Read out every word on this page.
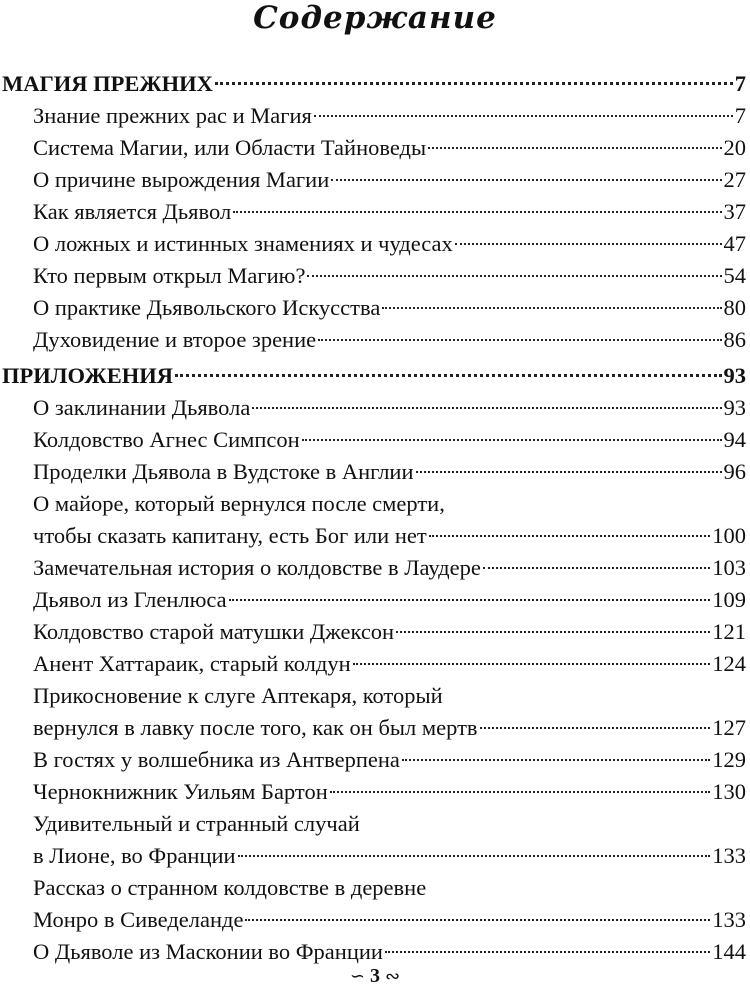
Содержание
МАГИЯ ПРЕЖНИХ	7
Знание прежних рас и Магия	7
Система Магии, или Области Тайноведы	20
О причине вырождения Магии	27
Как является Дьявол	37
О ложных и истинных знамениях и чудесах	47
Кто первым открыл Магию?	54
О практике Дьявольского Искусства	80
Духовидение и второе зрение	86
ПРИЛОЖЕНИЯ	93
О заклинании Дьявола	93
Колдовство Агнес Симпсон	94
Проделки Дьявола в Вудстоке в Англии	96
О майоре, который вернулся после смерти,
чтобы сказать капитану, есть Бог или нет	100
Замечательная история о колдовстве в Лаудере	103
Дьявол из Гленлюса	109
Колдовство старой матушки Джексон	121
Анент Хаттараик, старый колдун	124
Прикосновение к слуге Аптекаря, который
вернулся в лавку после того, как он был мертв	127
В гостях у волшебника из Антверпена	129
Чернокнижник Уильям Бартон	130
Удивительный и странный случай
в Лионе, во Франции	133
Рассказ о странном колдовстве в деревне
Монро в Сиведеланде	133
О Дьяволе из Масконии во Франции	144
∽ 3 ∾
